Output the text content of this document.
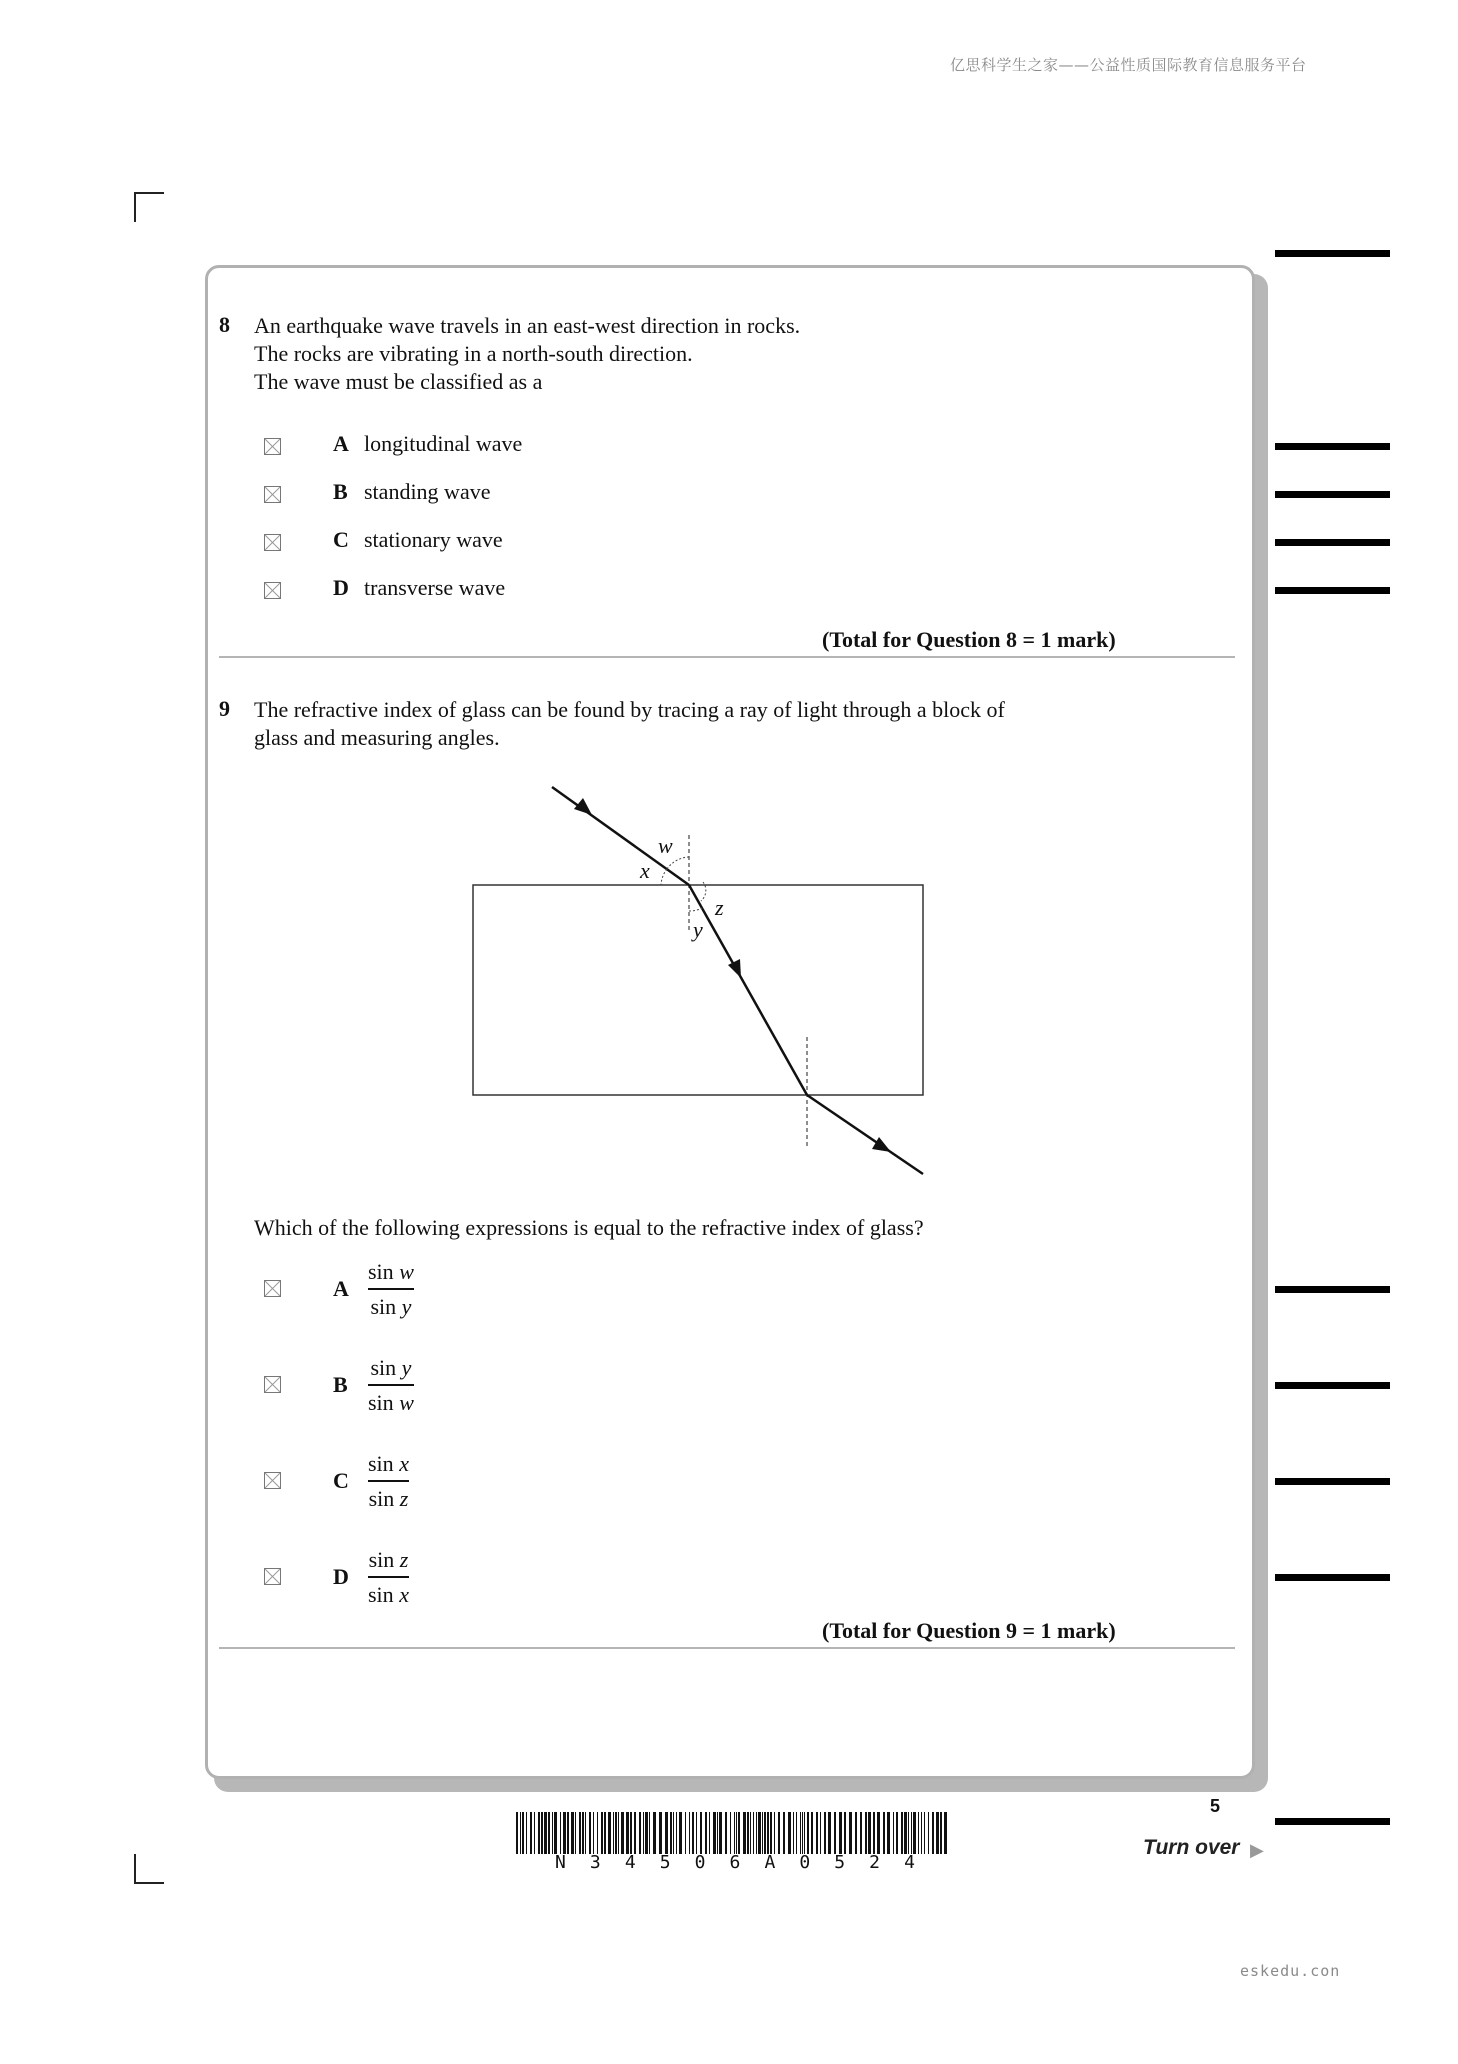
亿思科学生之家——公益性质国际教育信息服务平台
eskedu.con
8 An earthquake wave travels in an east-west direction in rocks.
The rocks are vibrating in a north-south direction.
The wave must be classified as a
A longitudinal wave
B standing wave
C stationary wave
D transverse wave
(Total for Question 8 = 1 mark)
9 The refractive index of glass can be found by tracing a ray of light through a block of
glass and measuring angles.
w
x
z
y
Which of the following expressions is equal to the refractive index of glass?
A
sin w
sin y
B
sin y
sin w
C
sin x
sin z
D
sin z
sin x
(Total for Question 9 = 1 mark)
N 3 4 5 0 6 A 0 5 2 4
5
Turn over ▶
